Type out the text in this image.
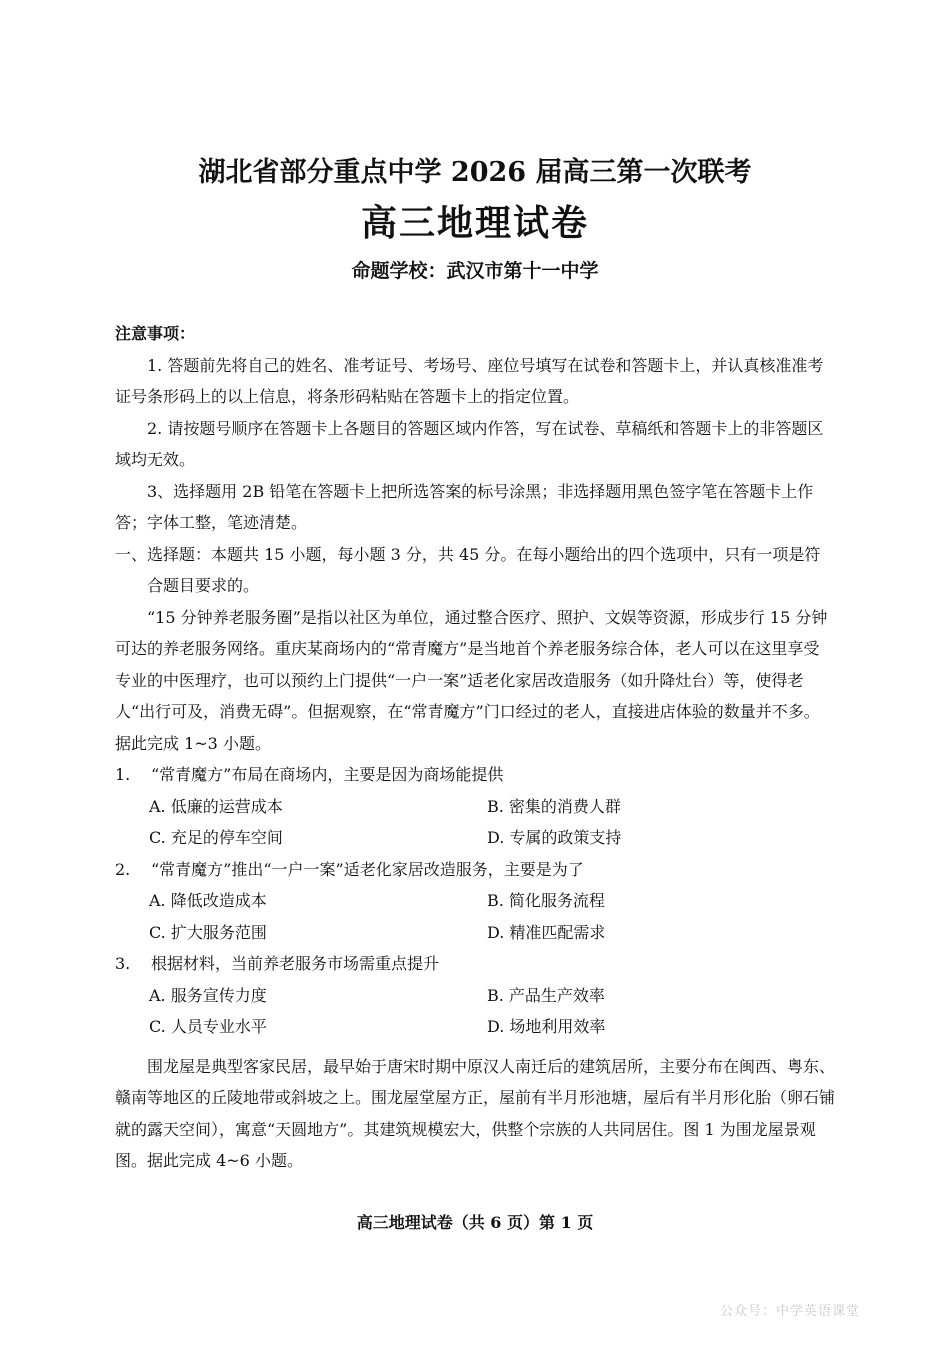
湖北省部分重点中学 2026 届高三第一次联考
高三地理试卷
命题学校：武汉市第十一中学

注意事项：

1. 答题前先将自己的姓名、准考证号、考场号、座位号填写在试卷和答题卡上，并认真核准准考证号条形码上的以上信息，将条形码粘贴在答题卡上的指定位置。

2. 请按题号顺序在答题卡上各题目的答题区域内作答，写在试卷、草稿纸和答题卡上的非答题区域均无效。

3、选择题用 2B 铅笔在答题卡上把所选答案的标号涂黑；非选择题用黑色签字笔在答题卡上作答；字体工整，笔迹清楚。

一、选择题：本题共 15 小题，每小题 3 分，共 45 分。在每小题给出的四个选项中，只有一项是符合题目要求的。

“15 分钟养老服务圈”是指以社区为单位，通过整合医疗、照护、文娱等资源，形成步行 15 分钟可达的养老服务网络。重庆某商场内的“常青魔方”是当地首个养老服务综合体，老人可以在这里享受专业的中医理疗，也可以预约上门提供“一户一案”适老化家居改造服务（如升降灶台）等，使得老人“出行可及，消费无碍”。但据观察，在“常青魔方”门口经过的老人，直接进店体验的数量并不多。据此完成 1~3 小题。

1. “常青魔方”布局在商场内，主要是因为商场能提供

A. 低廉的运营成本	B. 密集的消费人群
C. 充足的停车空间	D. 专属的政策支持

2. “常青魔方”推出“一户一案”适老化家居改造服务，主要是为了

A. 降低改造成本	B. 简化服务流程
C. 扩大服务范围	D. 精准匹配需求

3. 根据材料，当前养老服务市场需重点提升

A. 服务宣传力度	B. 产品生产效率
C. 人员专业水平	D. 场地利用效率

围龙屋是典型客家民居，最早始于唐宋时期中原汉人南迁后的建筑居所，主要分布在闽西、粤东、赣南等地区的丘陵地带或斜坡之上。围龙屋堂屋方正，屋前有半月形池塘，屋后有半月形化胎（卵石铺就的露天空间），寓意“天圆地方”。其建筑规模宏大，供整个宗族的人共同居住。图 1 为围龙屋景观图。据此完成 4~6 小题。

高三地理试卷（共 6 页）第 1 页
公众号：中学英语课堂
